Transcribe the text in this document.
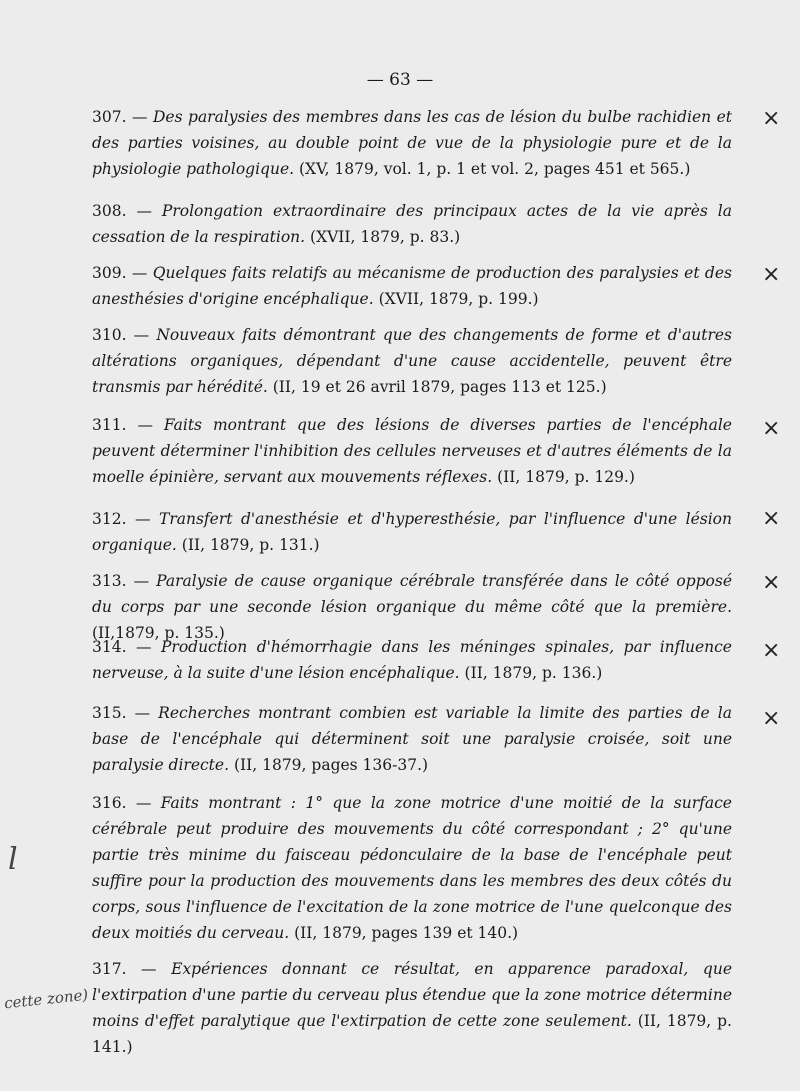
— 63 —
307. — Des paralysies des membres dans les cas de lésion du bulbe rachidien et des parties voisines, au double point de vue de la physiologie pure et de la physiologie pathologique. (XV, 1879, vol. 1, p. 1 et vol. 2, pages 451 et 565.)
×
308. — Prolongation extraordinaire des principaux actes de la vie après la cessation de la respiration. (XVII, 1879, p. 83.)
309. — Quelques faits relatifs au mécanisme de production des paralysies et des anesthésies d'origine encéphalique. (XVII, 1879, p. 199.)
×
310. — Nouveaux faits démontrant que des changements de forme et d'autres altérations organiques, dépendant d'une cause accidentelle, peuvent être transmis par hérédité. (II, 19 et 26 avril 1879, pages 113 et 125.)
311. — Faits montrant que des lésions de diverses parties de l'encéphale peuvent déterminer l'inhibition des cellules nerveuses et d'autres éléments de la moelle épinière, servant aux mouvements réflexes. (II, 1879, p. 129.)
×
312. — Transfert d'anesthésie et d'hyperesthésie, par l'influence d'une lésion organique. (II, 1879, p. 131.)
×
313. — Paralysie de cause organique cérébrale transférée dans le côté opposé du corps par une seconde lésion organique du même côté que la première. (II,1879, p. 135.)
×
314. — Production d'hémorrhagie dans les méninges spinales, par influence nerveuse, à la suite d'une lésion encéphalique. (II, 1879, p. 136.)
×
315. — Recherches montrant combien est variable la limite des parties de la base de l'encéphale qui déterminent soit une paralysie croisée, soit une paralysie directe. (II, 1879, pages 136-37.)
×
316. — Faits montrant : 1° que la zone motrice d'une moitié de la surface cérébrale peut produire des mouvements du côté correspondant ; 2° qu'une partie très minime du faisceau pédonculaire de la base de l'encéphale peut suffire pour la production des mouvements dans les membres des deux côtés du corps, sous l'influence de l'excitation de la zone motrice de l'une quelconque des deux moitiés du cerveau. (II, 1879, pages 139 et 140.)
l
317. — Expériences donnant ce résultat, en apparence paradoxal, que l'extirpation d'une partie du cerveau plus étendue que la zone motrice détermine moins d'effet paralytique que l'extirpation de cette zone seulement. (II, 1879, p. 141.)
cette zone)
